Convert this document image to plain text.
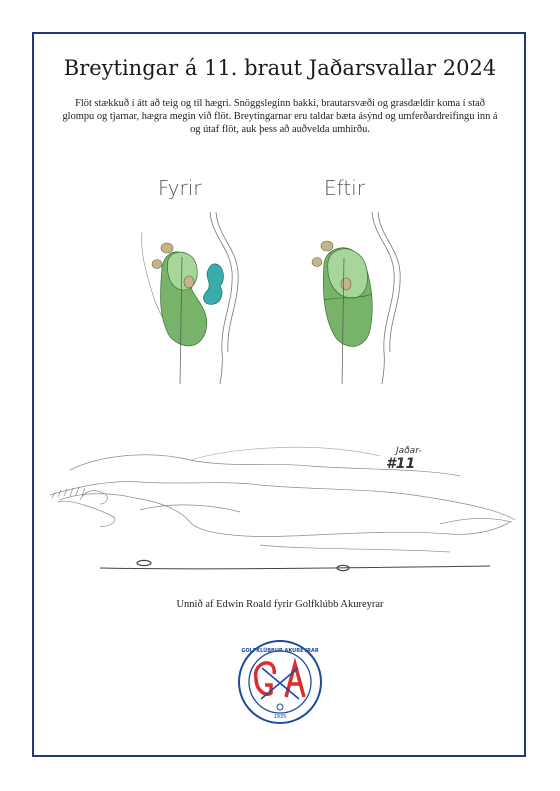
Breytingar á 11. braut Jaðarsvallar 2024

Flöt stækkuð í átt að teig og til hægri. Snöggsleginn bakki, brautarsvæði og grasdældir koma í stað glompu og tjarnar, hægra megin við flöt. Breytingarnar eru taldar bæta ásýnd og umferðardreifingu inn á og útaf flöt, auk þess að auðvelda umhirðu.

Fyrir	Eftir
Jaðar-
#11

Unnið af Edwin Roald fyrir Golfklúbb Akureyrar

GOLFKLÚBBUR AKUREYRAR
1935
